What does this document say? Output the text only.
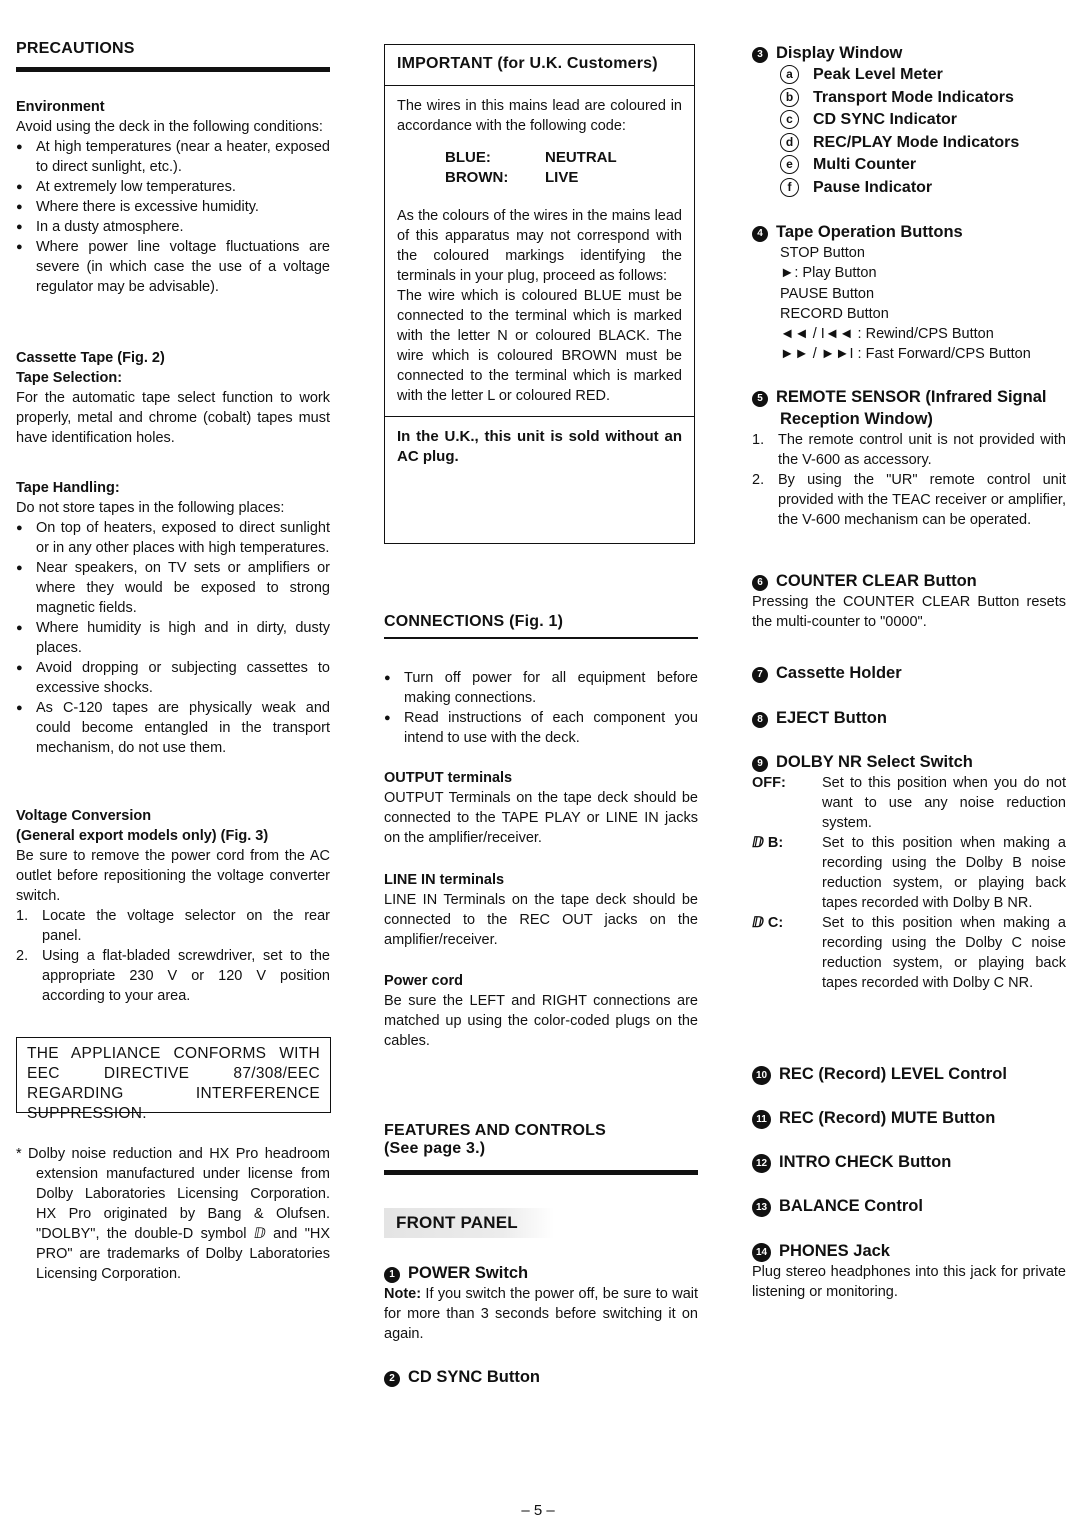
PRECAUTIONS
Environment

Avoid using the deck in the following conditions:

● At high temperatures (near a heater, exposed to direct sunlight, etc.).
● At extremely low temperatures.
● Where there is excessive humidity.
● In a dusty atmosphere.
● Where power line voltage fluctuations are severe (in which case the use of a voltage regulator may be advisable).
Cassette Tape (Fig. 2)
Tape Selection:

For the automatic tape select function to work properly, metal and chrome (cobalt) tapes must have identification holes.

Tape Handling:

Do not store tapes in the following places:

● On top of heaters, exposed to direct sunlight or in any other places with high temperatures.
● Near speakers, on TV sets or amplifiers or where they would be exposed to strong magnetic fields.
● Where humidity is high and in dirty, dusty places.
● Avoid dropping or subjecting cassettes to excessive shocks.
● As C-120 tapes are physically weak and could become entangled in the transport mechanism, do not use them.
Voltage Conversion
(General export models only) (Fig. 3)

Be sure to remove the power cord from the AC outlet before repositioning the voltage converter switch.

1. Locate the voltage selector on the rear panel.
2. Using a flat-bladed screwdriver, set to the appropriate 230 V or 120 V position according to your area.

THE APPLIANCE CONFORMS WITH EEC DIRECTIVE 87/308/EEC REGARDING INTERFERENCE SUPPRESSION.

* Dolby noise reduction and HX Pro headroom extension manufactured under license from Dolby Laboratories Licensing Corporation. HX Pro originated by Bang & Olufsen. "DOLBY", the double-D symbol ⅅ and "HX PRO" are trademarks of Dolby Laboratories Licensing Corporation.

IMPORTANT (for U.K. Customers)

The wires in this mains lead are coloured in accordance with the following code:

BLUE:	NEUTRAL
BROWN:	LIVE

As the colours of the wires in the mains lead of this apparatus may not correspond with the coloured markings identifying the terminals in your plug, proceed as follows:

The wire which is coloured BLUE must be connected to the terminal which is marked with the letter N or coloured BLACK. The wire which is coloured BROWN must be connected to the terminal which is marked with the letter L or coloured RED.

In the U.K., this unit is sold without an AC plug.

CONNECTIONS (Fig. 1)
● Turn off power for all equipment before making connections.
● Read instructions of each component you intend to use with the deck.
OUTPUT terminals

OUTPUT Terminals on the tape deck should be connected to the TAPE PLAY or LINE IN jacks on the amplifier/receiver.

LINE IN terminals

LINE IN Terminals on the tape deck should be connected to the REC OUT jacks on the amplifier/receiver.

Power cord

Be sure the LEFT and RIGHT connections are matched up using the color-coded plugs on the cables.

FEATURES AND CONTROLS
(See page 3.)
FRONT PANEL
1 POWER Switch

Note: If you switch the power off, be sure to wait for more than 3 seconds before switching it on again.

2 CD SYNC Button
3 Display Window
a Peak Level Meter
b Transport Mode Indicators
c CD SYNC Indicator
d REC/PLAY Mode Indicators
e Multi Counter
f Pause Indicator
4 Tape Operation Buttons
STOP Button
►: Play Button
PAUSE Button
RECORD Button
◄◄ / I◄◄ : Rewind/CPS Button
►► / ►►I : Fast Forward/CPS Button
5 REMOTE SENSOR (Infrared Signal Reception Window)
1. The remote control unit is not provided with the V-600 as accessory.
2. By using the "UR" remote control unit provided with the TEAC receiver or amplifier, the V-600 mechanism can be operated.
6 COUNTER CLEAR Button

Pressing the COUNTER CLEAR Button resets the multi-counter to "0000".

7 Cassette Holder
8 EJECT Button
9 DOLBY NR Select Switch
OFF:	Set to this position when you do not want to use any noise reduction system.
ⅅ B:	Set to this position when making a recording using the Dolby B noise reduction system, or playing back tapes recorded with Dolby B NR.
ⅅ C:	Set to this position when making a recording using the Dolby C noise reduction system, or playing back tapes recorded with Dolby C NR.
10 REC (Record) LEVEL Control
11 REC (Record) MUTE Button
12 INTRO CHECK Button
13 BALANCE Control
14 PHONES Jack

Plug stereo headphones into this jack for private listening or monitoring.

– 5 –
